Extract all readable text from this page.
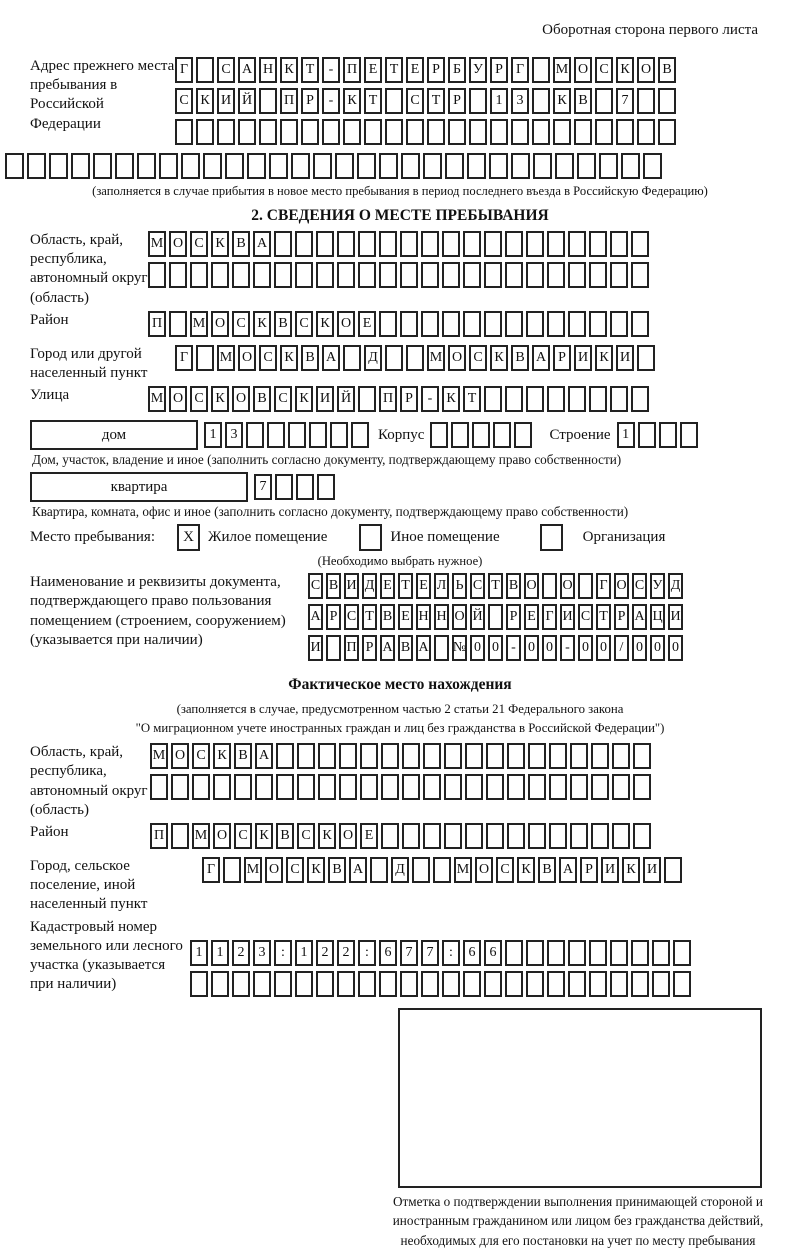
Оборотная сторона первого листа
Адрес прежнего места пребывания в Российской Федерации
Г	С А Н К Т	- П Е Т Е Р Б У Р Г	М О С К О В
С К И Й П Р	-	К Т	С Т Р	1	3	К В	7
(заполняется в случае прибытия в новое место пребывания в период последнего въезда в Российскую Федерацию)
2. СВЕДЕНИЯ О МЕСТЕ ПРЕБЫВАНИЯ
Область, край, республика, автономный округ (область)
М О С К В А
Район	П М О С К В С К О Е
Город или другой населенный пункт
Г	М О С К В А	Д	М О С К В А Р И К И
Улица	М О С К О В С К И Й П Р	-	К Т
дом	1	3	Корпус	Строение 1
Дом, участок, владение и иное (заполнить согласно документу, подтверждающему право собственности)
квартира	7
Квартира, комната, офис и иное (заполнить согласно документу, подтверждающему право собственности)
Место пребывания:	X Жилое помещение	Иное помещение	Организация
(Необходимо выбрать нужное)
Наименование и реквизиты документа, подтверждающего право пользования помещением (строением, сооружением) (указывается при наличии)
С В И Д Е Т Е Л Ь С Т В О О Г О С У Д
А Р С Т В Е Н Н О Й Р Е Г И С Т Р А Ц И
И П Р А В А № 0 0 - 0 0 - 0 0 / 0 0 0
Фактическое место нахождения
(заполняется в случае, предусмотренном частью 2 статьи 21 Федерального закона
"О миграционном учете иностранных граждан и лиц без гражданства в Российской Федерации")
Область, край, республика, автономный округ (область)
М О С К В А
Район	П М О С К В С К О Е
Город, сельское поселение, иной населенный пункт
Г	М О С К В А	Д	М О С К В А Р И К И
Кадастровый номер земельного или лесного участка (указывается при наличии)
1	1	2	3	:	1	2	2	:	6	7	7	:	6	6
Отметка о подтверждении выполнения принимающей стороной и иностранным гражданином или лицом без гражданства действий, необходимых для его постановки на учет по месту пребывания
